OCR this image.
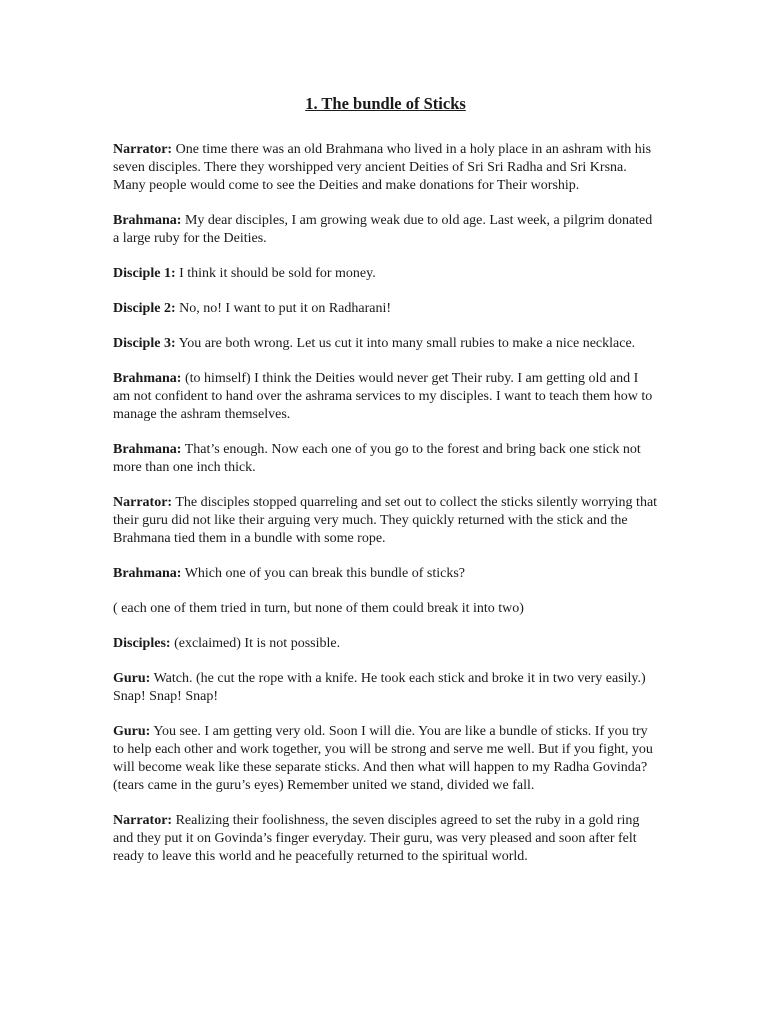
1. The bundle of Sticks

Narrator: One time there was an old Brahmana who lived in a holy place in an ashram with his seven disciples. There they worshipped very ancient Deities of Sri Sri Radha and Sri Krsna. Many people would come to see the Deities and make donations for Their worship.

Brahmana: My dear disciples, I am growing weak due to old age. Last week, a pilgrim donated a large ruby for the Deities.

Disciple 1: I think it should be sold for money.

Disciple 2: No, no! I want to put it on Radharani!

Disciple 3: You are both wrong. Let us cut it into many small rubies to make a nice necklace.

Brahmana: (to himself) I think the Deities would never get Their ruby. I am getting old and I am not confident to hand over the ashrama services to my disciples. I want to teach them how to manage the ashram themselves.

Brahmana: That’s enough. Now each one of you go to the forest and bring back one stick not more than one inch thick.

Narrator: The disciples stopped quarreling and set out to collect the sticks silently worrying that their guru did not like their arguing very much. They quickly returned with the stick and the Brahmana tied them in a bundle with some rope.

Brahmana: Which one of you can break this bundle of sticks?

( each one of them tried in turn, but none of them could break it into two)

Disciples: (exclaimed) It is not possible.

Guru: Watch. (he cut the rope with a knife. He took each stick and broke it in two very easily.) Snap! Snap! Snap!

Guru: You see. I am getting very old. Soon I will die. You are like a bundle of sticks. If you try to help each other and work together, you will be strong and serve me well. But if you fight, you will become weak like these separate sticks. And then what will happen to my Radha Govinda? (tears came in the guru’s eyes) Remember united we stand, divided we fall.

Narrator: Realizing their foolishness, the seven disciples agreed to set the ruby in a gold ring and they put it on Govinda’s finger everyday. Their guru, was very pleased and soon after felt ready to leave this world and he peacefully returned to the spiritual world.
